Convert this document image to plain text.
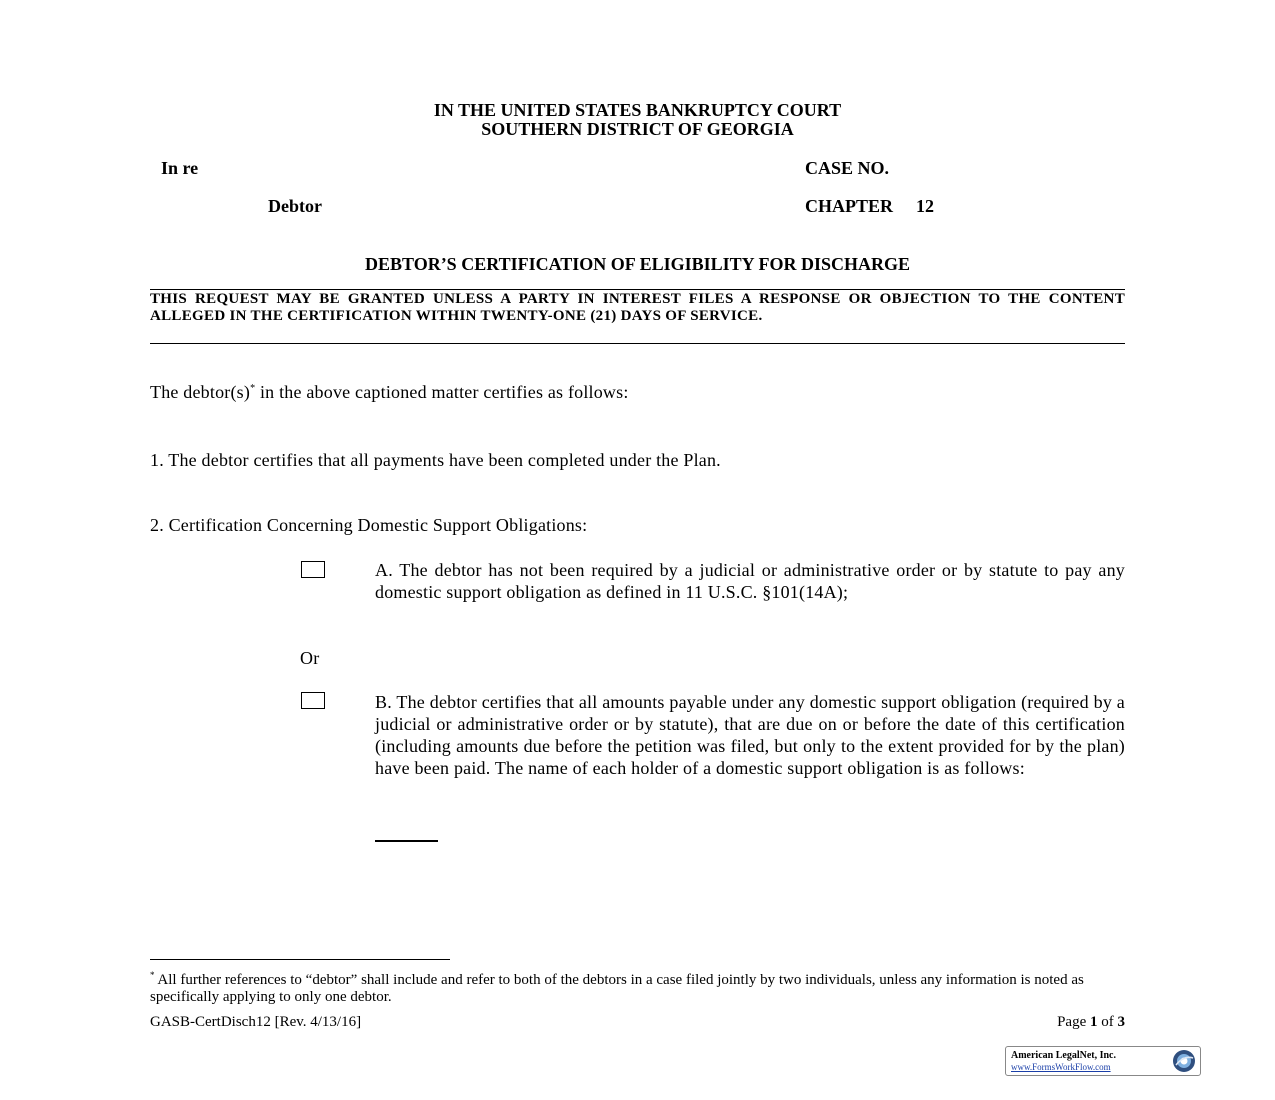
IN THE UNITED STATES BANKRUPTCY COURT
SOUTHERN DISTRICT OF GEORGIA
In re	CASE NO.
Debtor	CHAPTER 12
DEBTOR’S CERTIFICATION OF ELIGIBILITY FOR DISCHARGE
THIS REQUEST MAY BE GRANTED UNLESS A PARTY IN INTEREST FILES A RESPONSE OR OBJECTION TO THE CONTENT ALLEGED IN THE CERTIFICATION WITHIN TWENTY-ONE (21) DAYS OF SERVICE.
The debtor(s)* in the above captioned matter certifies as follows:
1. The debtor certifies that all payments have been completed under the Plan.
2. Certification Concerning Domestic Support Obligations:
A. The debtor has not been required by a judicial or administrative order or by statute to pay any domestic support obligation as defined in 11 U.S.C. §101(14A);
Or
B. The debtor certifies that all amounts payable under any domestic support obligation (required by a judicial or administrative order or by statute), that are due on or before the date of this certification (including amounts due before the petition was filed, but only to the extent provided for by the plan) have been paid. The name of each holder of a domestic support obligation is as follows:
* All further references to “debtor” shall include and refer to both of the debtors in a case filed jointly by two individuals, unless any information is noted as specifically applying to only one debtor.
GASB-CertDisch12 [Rev. 4/13/16]	Page 1 of 3
American LegalNet, Inc.
www.FormsWorkFlow.com
